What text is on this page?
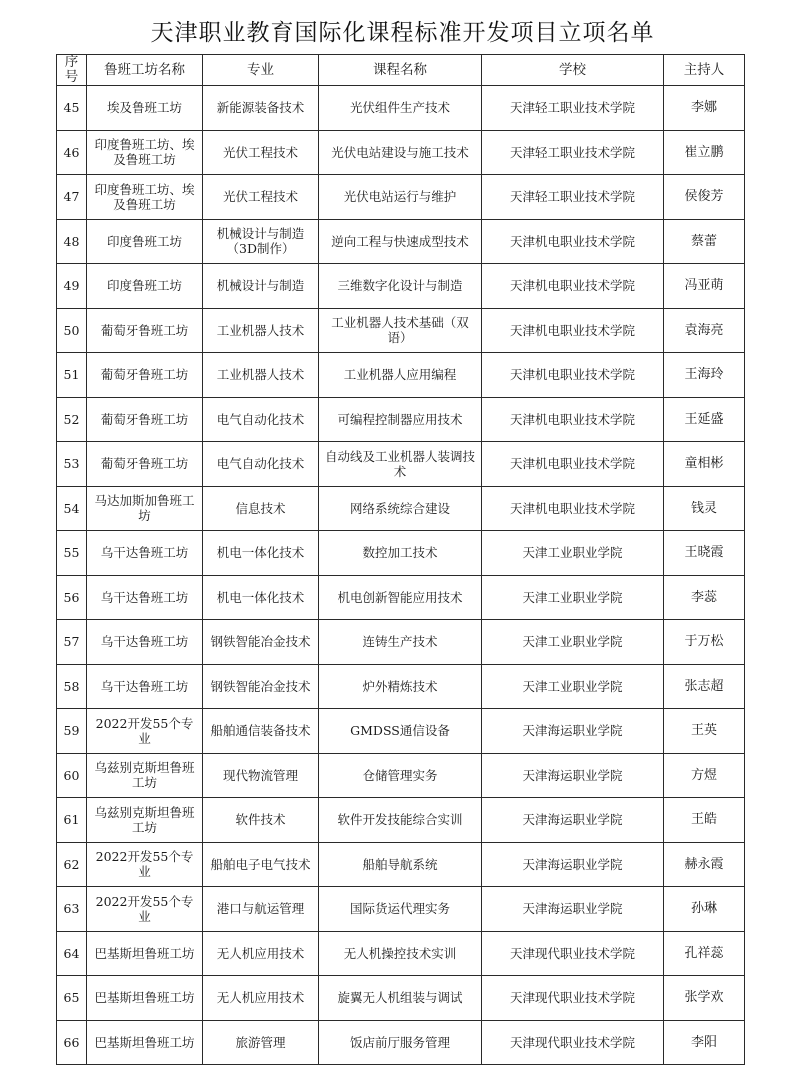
天津职业教育国际化课程标准开发项目立项名单
序号	鲁班工坊名称	专业	课程名称	学校	主持人
45	埃及鲁班工坊	新能源装备技术	光伏组件生产技术	天津轻工职业技术学院	李娜
46	印度鲁班工坊、埃及鲁班工坊	光伏工程技术	光伏电站建设与施工技术	天津轻工职业技术学院	崔立鹏
47	印度鲁班工坊、埃及鲁班工坊	光伏工程技术	光伏电站运行与维护	天津轻工职业技术学院	侯俊芳
48	印度鲁班工坊	机械设计与制造（3D制作）	逆向工程与快速成型技术	天津机电职业技术学院	蔡蕾
49	印度鲁班工坊	机械设计与制造	三维数字化设计与制造	天津机电职业技术学院	冯亚萌
50	葡萄牙鲁班工坊	工业机器人技术	工业机器人技术基础（双语）	天津机电职业技术学院	袁海亮
51	葡萄牙鲁班工坊	工业机器人技术	工业机器人应用编程	天津机电职业技术学院	王海玲
52	葡萄牙鲁班工坊	电气自动化技术	可编程控制器应用技术	天津机电职业技术学院	王延盛
53	葡萄牙鲁班工坊	电气自动化技术	自动线及工业机器人装调技术	天津机电职业技术学院	童相彬
54	马达加斯加鲁班工坊	信息技术	网络系统综合建设	天津机电职业技术学院	钱灵
55	乌干达鲁班工坊	机电一体化技术	数控加工技术	天津工业职业学院	王晓霞
56	乌干达鲁班工坊	机电一体化技术	机电创新智能应用技术	天津工业职业学院	李蕊
57	乌干达鲁班工坊	钢铁智能冶金技术	连铸生产技术	天津工业职业学院	于万松
58	乌干达鲁班工坊	钢铁智能冶金技术	炉外精炼技术	天津工业职业学院	张志超
59	2022开发55个专业	船舶通信装备技术	GMDSS通信设备	天津海运职业学院	王英
60	乌兹别克斯坦鲁班工坊	现代物流管理	仓储管理实务	天津海运职业学院	方煜
61	乌兹别克斯坦鲁班工坊	软件技术	软件开发技能综合实训	天津海运职业学院	王皓
62	2022开发55个专业	船舶电子电气技术	船舶导航系统	天津海运职业学院	赫永霞
63	2022开发55个专业	港口与航运管理	国际货运代理实务	天津海运职业学院	孙琳
64	巴基斯坦鲁班工坊	无人机应用技术	无人机操控技术实训	天津现代职业技术学院	孔祥蕊
65	巴基斯坦鲁班工坊	无人机应用技术	旋翼无人机组装与调试	天津现代职业技术学院	张学欢
66	巴基斯坦鲁班工坊	旅游管理	饭店前厅服务管理	天津现代职业技术学院	李阳
